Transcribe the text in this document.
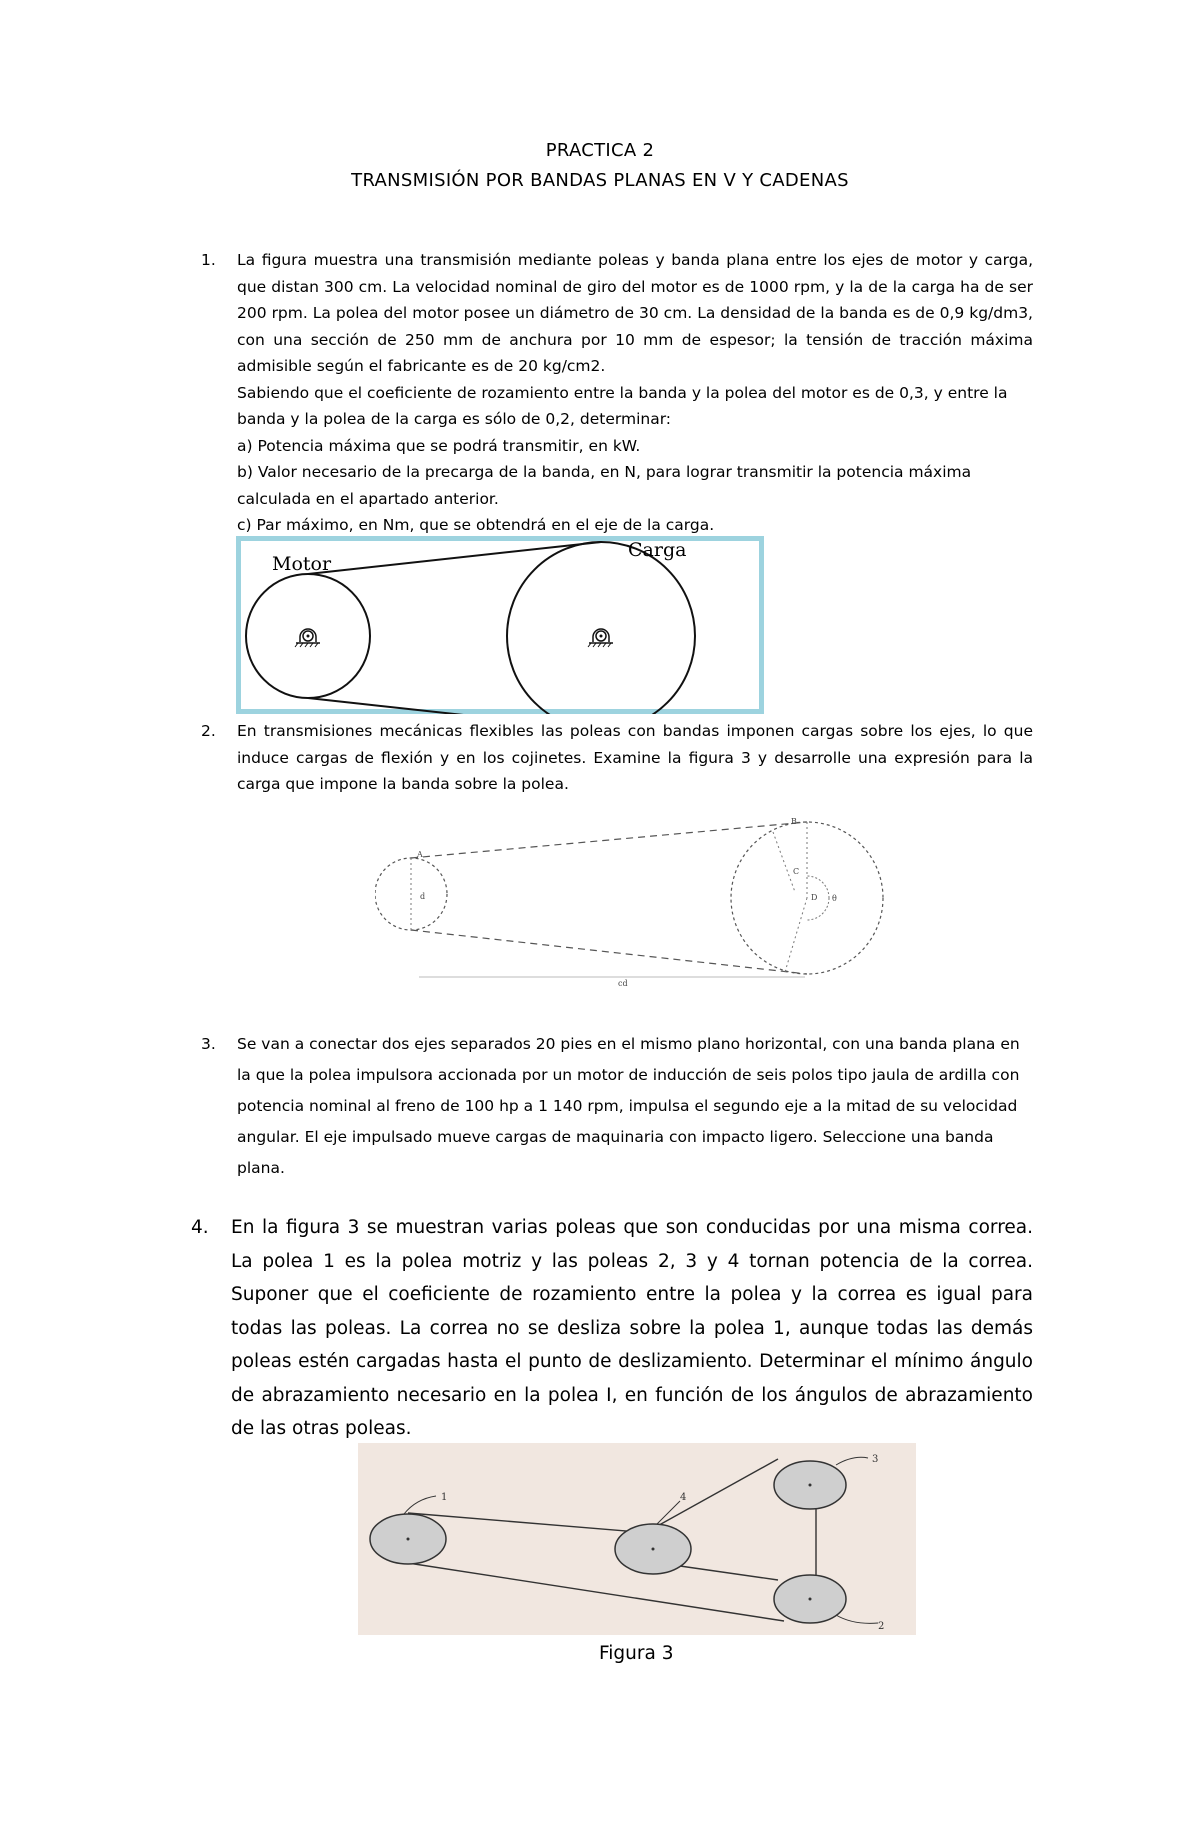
PRACTICA 2
TRANSMISIÓN POR BANDAS PLANAS EN V Y CADENAS
1. La figura muestra una transmisión mediante poleas y banda plana entre los ejes de motor y carga, que distan 300 cm. La velocidad nominal de giro del motor es de 1000 rpm, y la de la carga ha de ser 200 rpm. La polea del motor posee un diámetro de 30 cm. La densidad de la banda es de 0,9 kg/dm3, con una sección de 250 mm de anchura por 10 mm de espesor; la tensión de tracción máxima admisible según el fabricante es de 20 kg/cm2.

Sabiendo que el coeficiente de rozamiento entre la banda y la polea del motor es de 0,3, y entre la banda y la polea de la carga es sólo de 0,2, determinar:

a) Potencia máxima que se podrá transmitir, en kW.

b) Valor necesario de la precarga de la banda, en N, para lograr transmitir la potencia máxima calculada en el apartado anterior.

c) Par máximo, en Nm, que se obtendrá en el eje de la carga.

Motor
Carga
2. En transmisiones mecánicas flexibles las poleas con bandas imponen cargas sobre los ejes, lo que induce cargas de flexión y en los cojinetes. Examine la figura 3 y desarrolle una expresión para la carga que impone la banda sobre la polea.

A
d
B
D
C
θ
cd
3. Se van a conectar dos ejes separados 20 pies en el mismo plano horizontal, con una banda plana en la que la polea impulsora accionada por un motor de inducción de seis polos tipo jaula de ardilla con potencia nominal al freno de 100 hp a 1 140 rpm, impulsa el segundo eje a la mitad de su velocidad angular. El eje impulsado mueve cargas de maquinaria con impacto ligero. Seleccione una banda plana.

4. En la figura 3 se muestran varias poleas que son conducidas por una misma correa. La polea 1 es la polea motriz y las poleas 2, 3 y 4 tornan potencia de la correa. Suponer que el coeficiente de rozamiento entre la polea y la correa es igual para todas las poleas. La correa no se desliza sobre la polea 1, aunque todas las demás poleas estén cargadas hasta el punto de deslizamiento. Determinar el mínimo ángulo de abrazamiento necesario en la polea I, en función de los ángulos de abrazamiento de las otras poleas.

1
2
3
4
Figura 3
